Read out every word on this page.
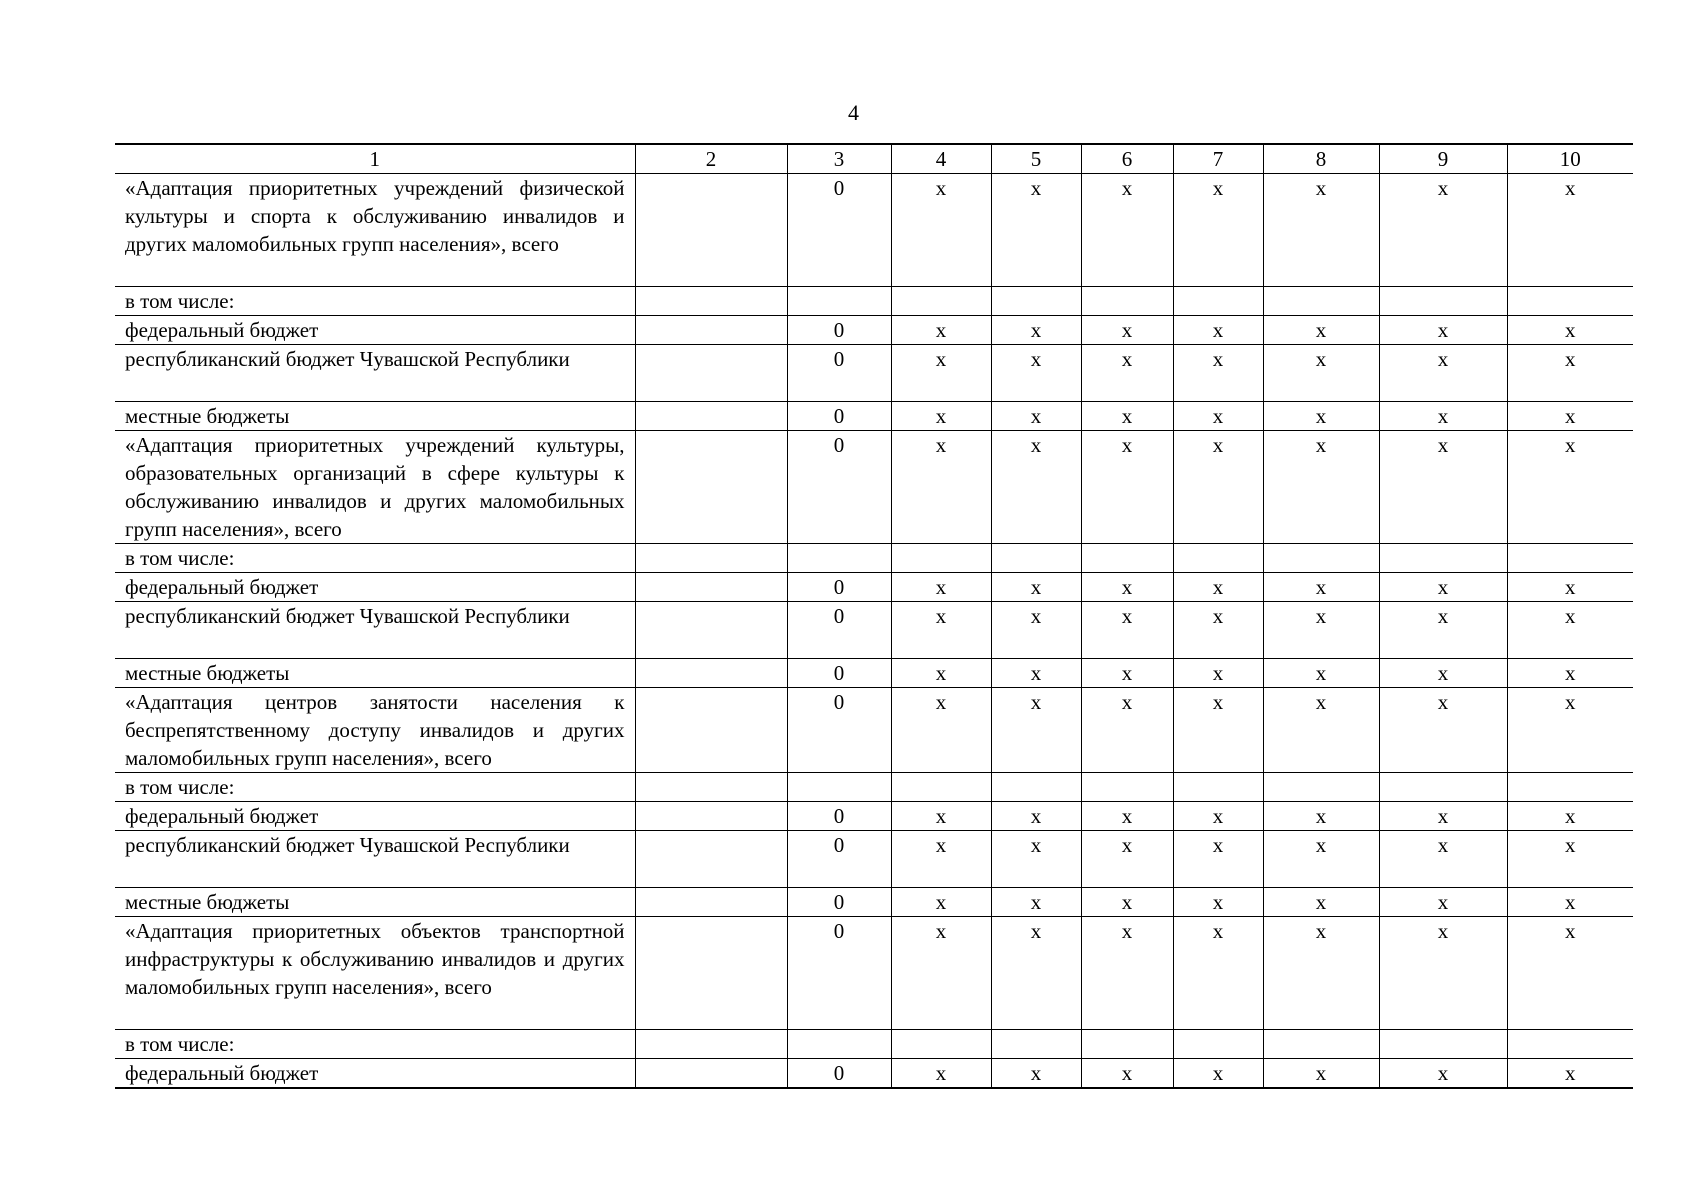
4
1	2	3	4	5	6	7	8	9	10
«Адаптация приоритетных учреждений физической культуры и спорта к обслуживанию инвалидов и других маломобильных групп населения», всего		0	х	х	х	х	х	х	х
в том числе:									
федеральный бюджет		0	х	х	х	х	х	х	х
республиканский бюджет Чувашской Республики		0	х	х	х	х	х	х	х
местные бюджеты		0	х	х	х	х	х	х	х
«Адаптация приоритетных учреждений культуры, образовательных организаций в сфере культуры к обслуживанию инвалидов и других маломобильных групп населения», всего		0	х	х	х	х	х	х	х
в том числе:									
федеральный бюджет		0	х	х	х	х	х	х	х
республиканский бюджет Чувашской Республики		0	х	х	х	х	х	х	х
местные бюджеты		0	х	х	х	х	х	х	х
«Адаптация центров занятости населения к беспрепятственному доступу инвалидов и других маломобильных групп населения», всего		0	х	х	х	х	х	х	х
в том числе:									
федеральный бюджет		0	х	х	х	х	х	х	х
республиканский бюджет Чувашской Республики		0	х	х	х	х	х	х	х
местные бюджеты		0	х	х	х	х	х	х	х
«Адаптация приоритетных объектов транспортной инфраструктуры к обслуживанию инвалидов и других маломобильных групп населения», всего		0	х	х	х	х	х	х	х
в том числе:									
федеральный бюджет		0	х	х	х	х	х	х	х
